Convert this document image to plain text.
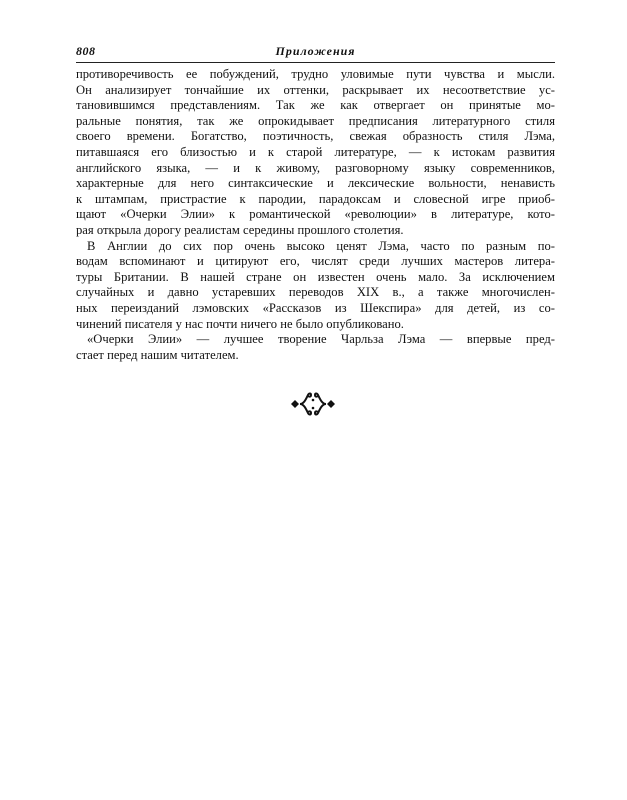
808	Приложения
противоречивость ее побуждений, трудно уловимые пути чувства и мысли.
Он анализирует тончайшие их оттенки, раскрывает их несоответствие ус-
тановившимся представлениям. Так же как отвергает он принятые мо-
ральные понятия, так же опрокидывает предписания литературного стиля
своего времени. Богатство, поэтичность, свежая образность стиля Лэма,
питавшаяся его близостью и к старой литературе, — к истокам развития
английского языка, — и к живому, разговорному языку современников,
характерные для него синтаксические и лексические вольности, ненависть
к штампам, пристрастие к пародии, парадоксам и словесной игре приоб-
щают «Очерки Элии» к романтической «революции» в литературе, кото-
рая открыла дорогу реалистам середины прошлого столетия.
В Англии до сих пор очень высоко ценят Лэма, часто по разным по-
водам вспоминают и цитируют его, числят среди лучших мастеров литера-
туры Британии. В нашей стране он известен очень мало. За исключением
случайных и давно устаревших переводов XIX в., а также многочислен-
ных переизданий лэмовских «Рассказов из Шекспира» для детей, из со-
чинений писателя у нас почти ничего не было опубликовано.
«Очерки Элии» — лучшее творение Чарльза Лэма — впервые пред-
стает перед нашим читателем.
